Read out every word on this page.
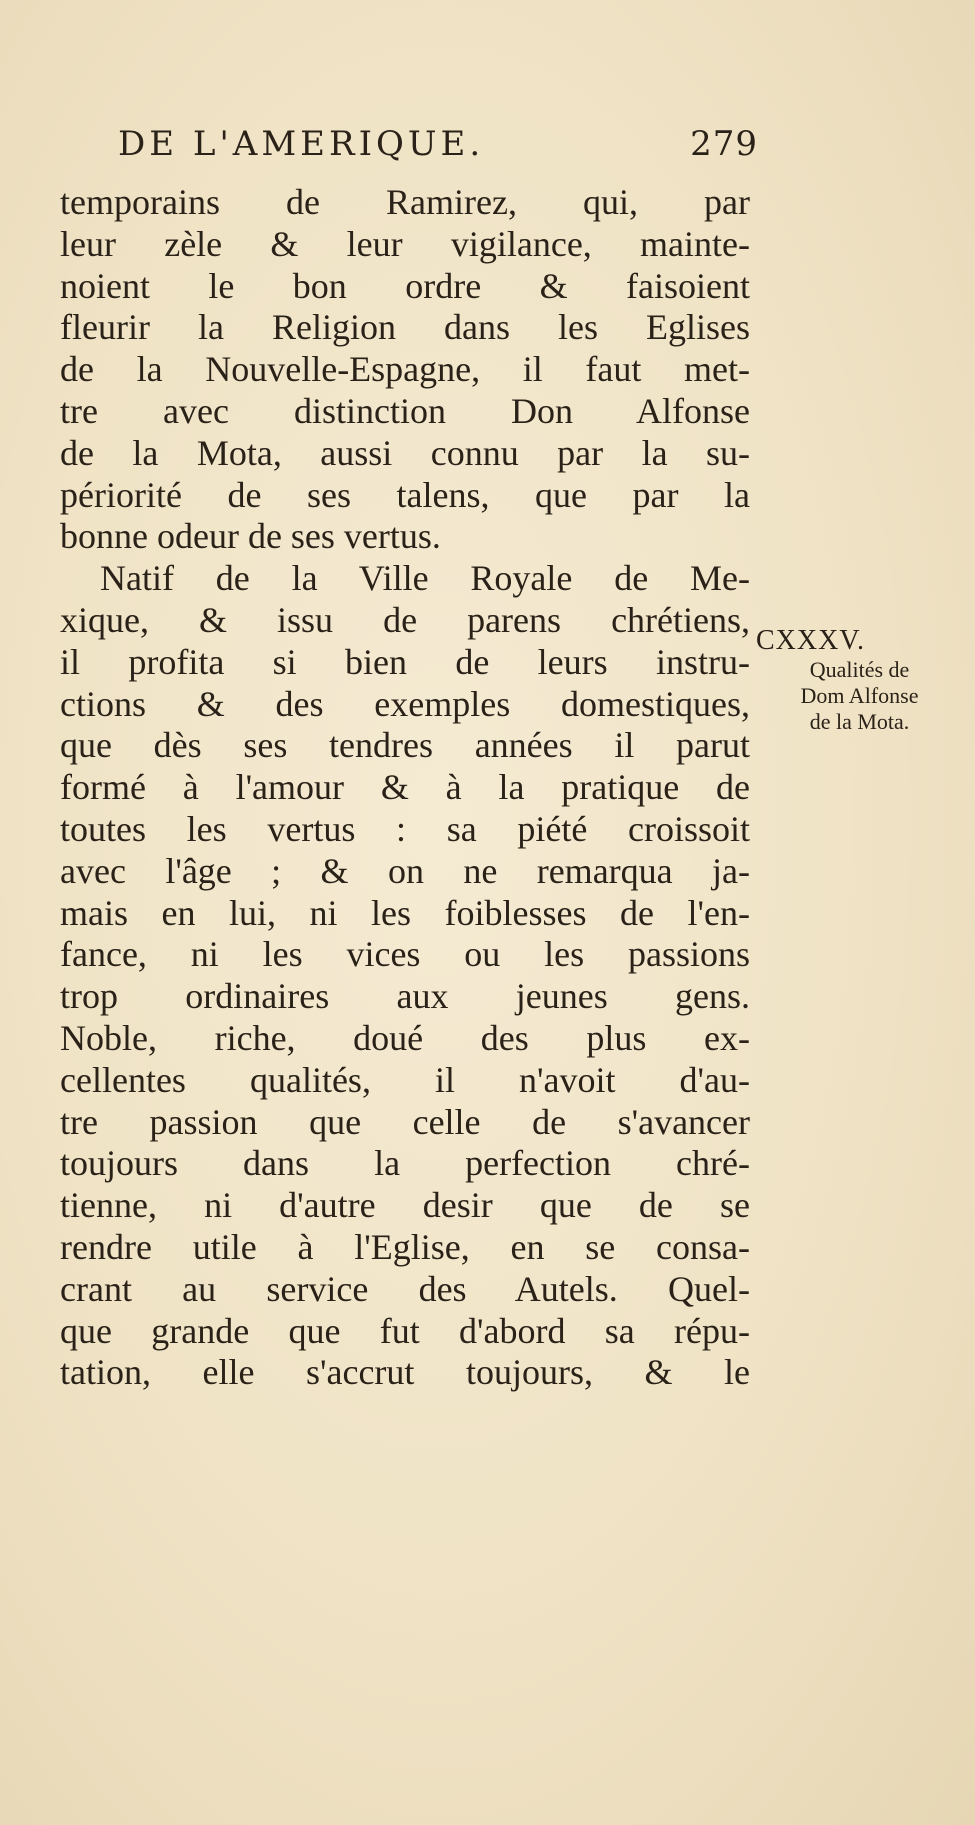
DE L'AMERIQUE.	279
temporains de Ramirez, qui, par
leur zèle & leur vigilance, mainte-
noient le bon ordre & faisoient
fleurir la Religion dans les Eglises
de la Nouvelle-Espagne, il faut met-
tre avec distinction Don Alfonse
de la Mota, aussi connu par la su-
périorité de ses talens, que par la
bonne odeur de ses vertus.
Natif de la Ville Royale de Me-
xique, & issu de parens chrétiens,
il profita si bien de leurs instru-
ctions & des exemples domestiques,
que dès ses tendres années il parut
formé à l'amour & à la pratique de
toutes les vertus : sa piété croissoit
avec l'âge ; & on ne remarqua ja-
mais en lui, ni les foiblesses de l'en-
fance, ni les vices ou les passions
trop ordinaires aux jeunes gens.
Noble, riche, doué des plus ex-
cellentes qualités, il n'avoit d'au-
tre passion que celle de s'avancer
toujours dans la perfection chré-
tienne, ni d'autre desir que de se
rendre utile à l'Eglise, en se consa-
crant au service des Autels. Quel-
que grande que fut d'abord sa répu-
tation, elle s'accrut toujours, & le
CXXXV.
Qualités de
Dom Alfonse
de la Mota.
